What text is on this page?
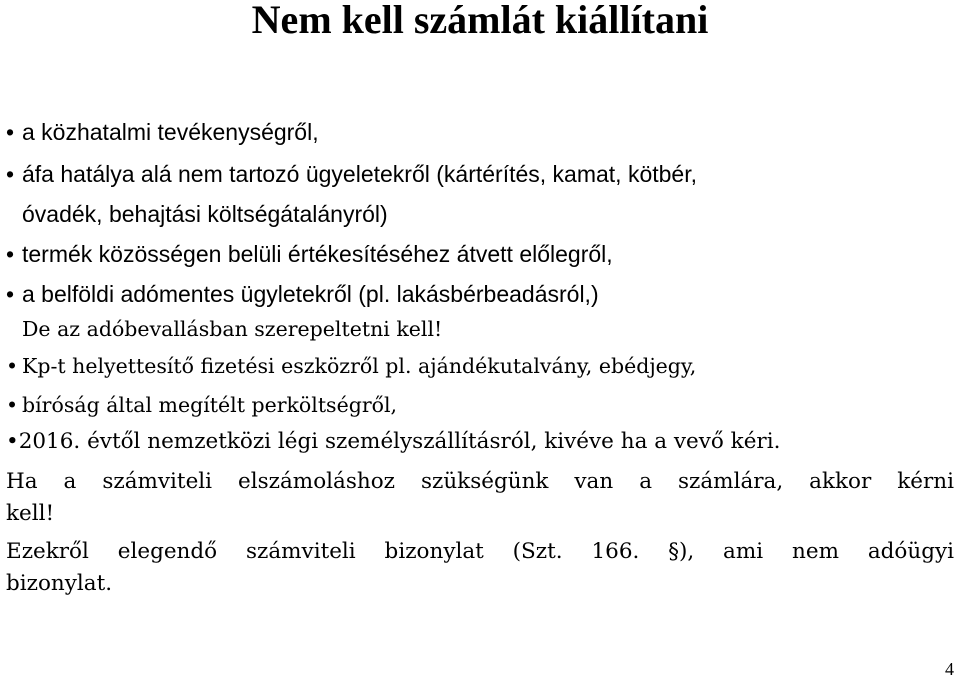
Nem kell számlát kiállítani
• a közhatalmi tevékenységről,
• áfa hatálya alá nem tartozó ügyeletekről (kártérítés, kamat, kötbér,
óvadék, behajtási költségátalányról)
• termék közösségen belüli értékesítéséhez átvett előlegről,
• a belföldi adómentes ügyletekről (pl. lakásbérbeadásról,)
De az adóbevallásban szerepeltetni kell!
• Kp-t helyettesítő fizetési eszközről pl. ajándékutalvány, ebédjegy,
• bíróság által megítélt perköltségről,
•2016. évtől nemzetközi légi személyszállításról, kivéve ha a vevő kéri.
Ha a számviteli elszámoláshoz szükségünk van a számlára, akkor kérni
kell!
Ezekről elegendő számviteli bizonylat (Szt. 166. §), ami nem adóügyi
bizonylat.
4
